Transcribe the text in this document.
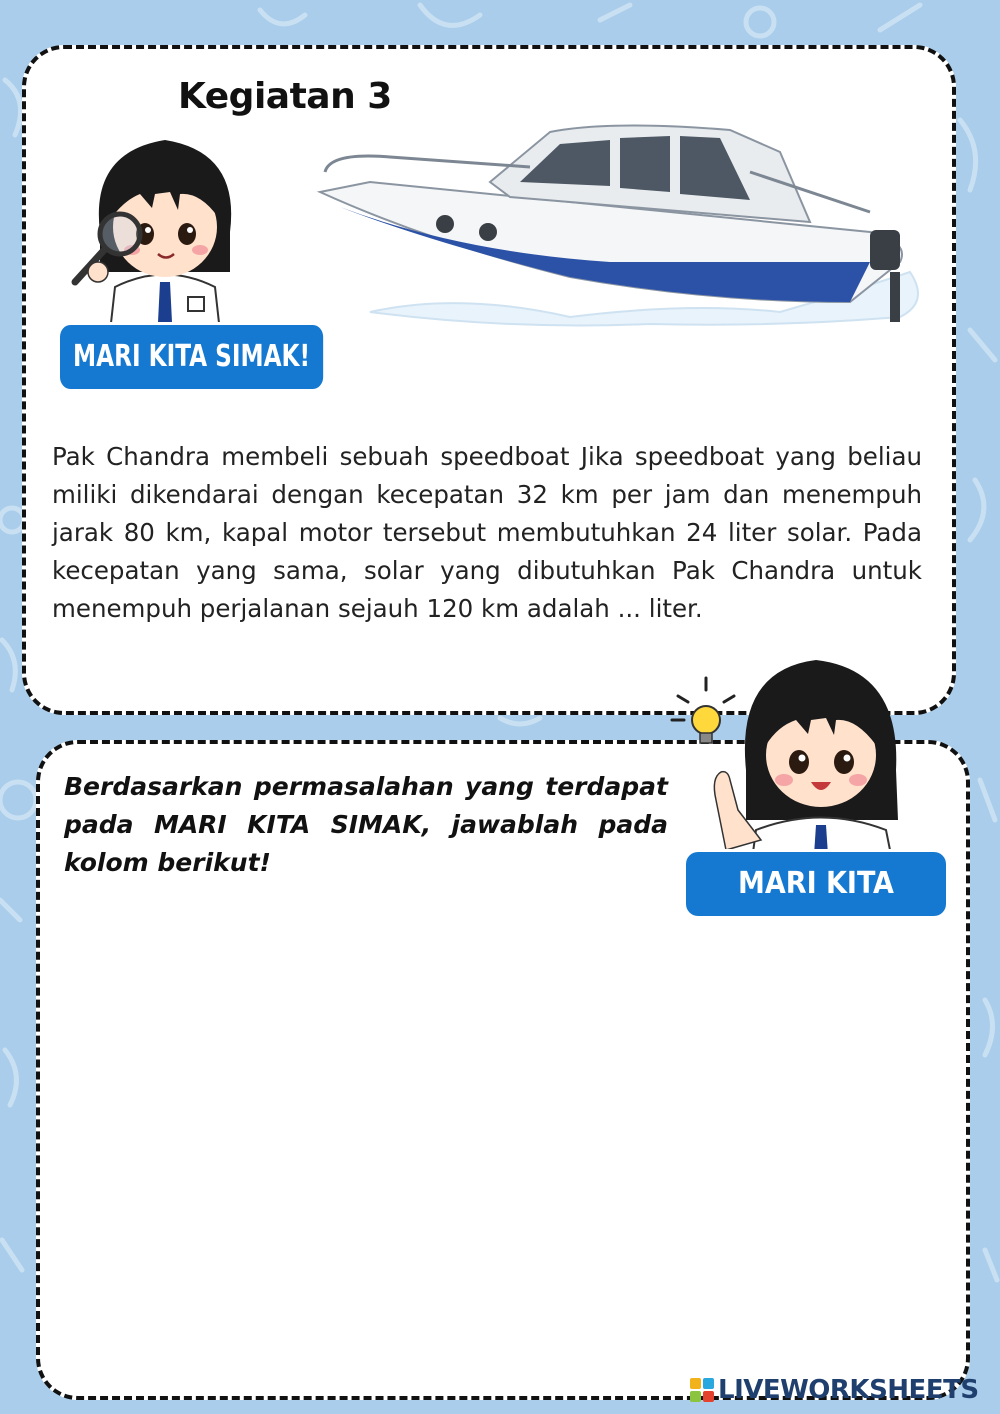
Kegiatan 3
MARI KITA SIMAK!
Pak Chandra membeli sebuah speedboat Jika speedboat yang beliau miliki dikendarai dengan kecepatan 32 km per jam dan menempuh jarak 80 km, kapal motor tersebut membutuhkan 24 liter solar. Pada kecepatan yang sama, solar yang dibutuhkan Pak Chandra untuk menempuh perjalanan sejauh 120 km adalah ... liter.
Berdasarkan permasalahan yang terdapat pada MARI KITA SIMAK, jawablah pada kolom berikut!
MARI KITA JAWAB
LIVEWORKSHEETS
